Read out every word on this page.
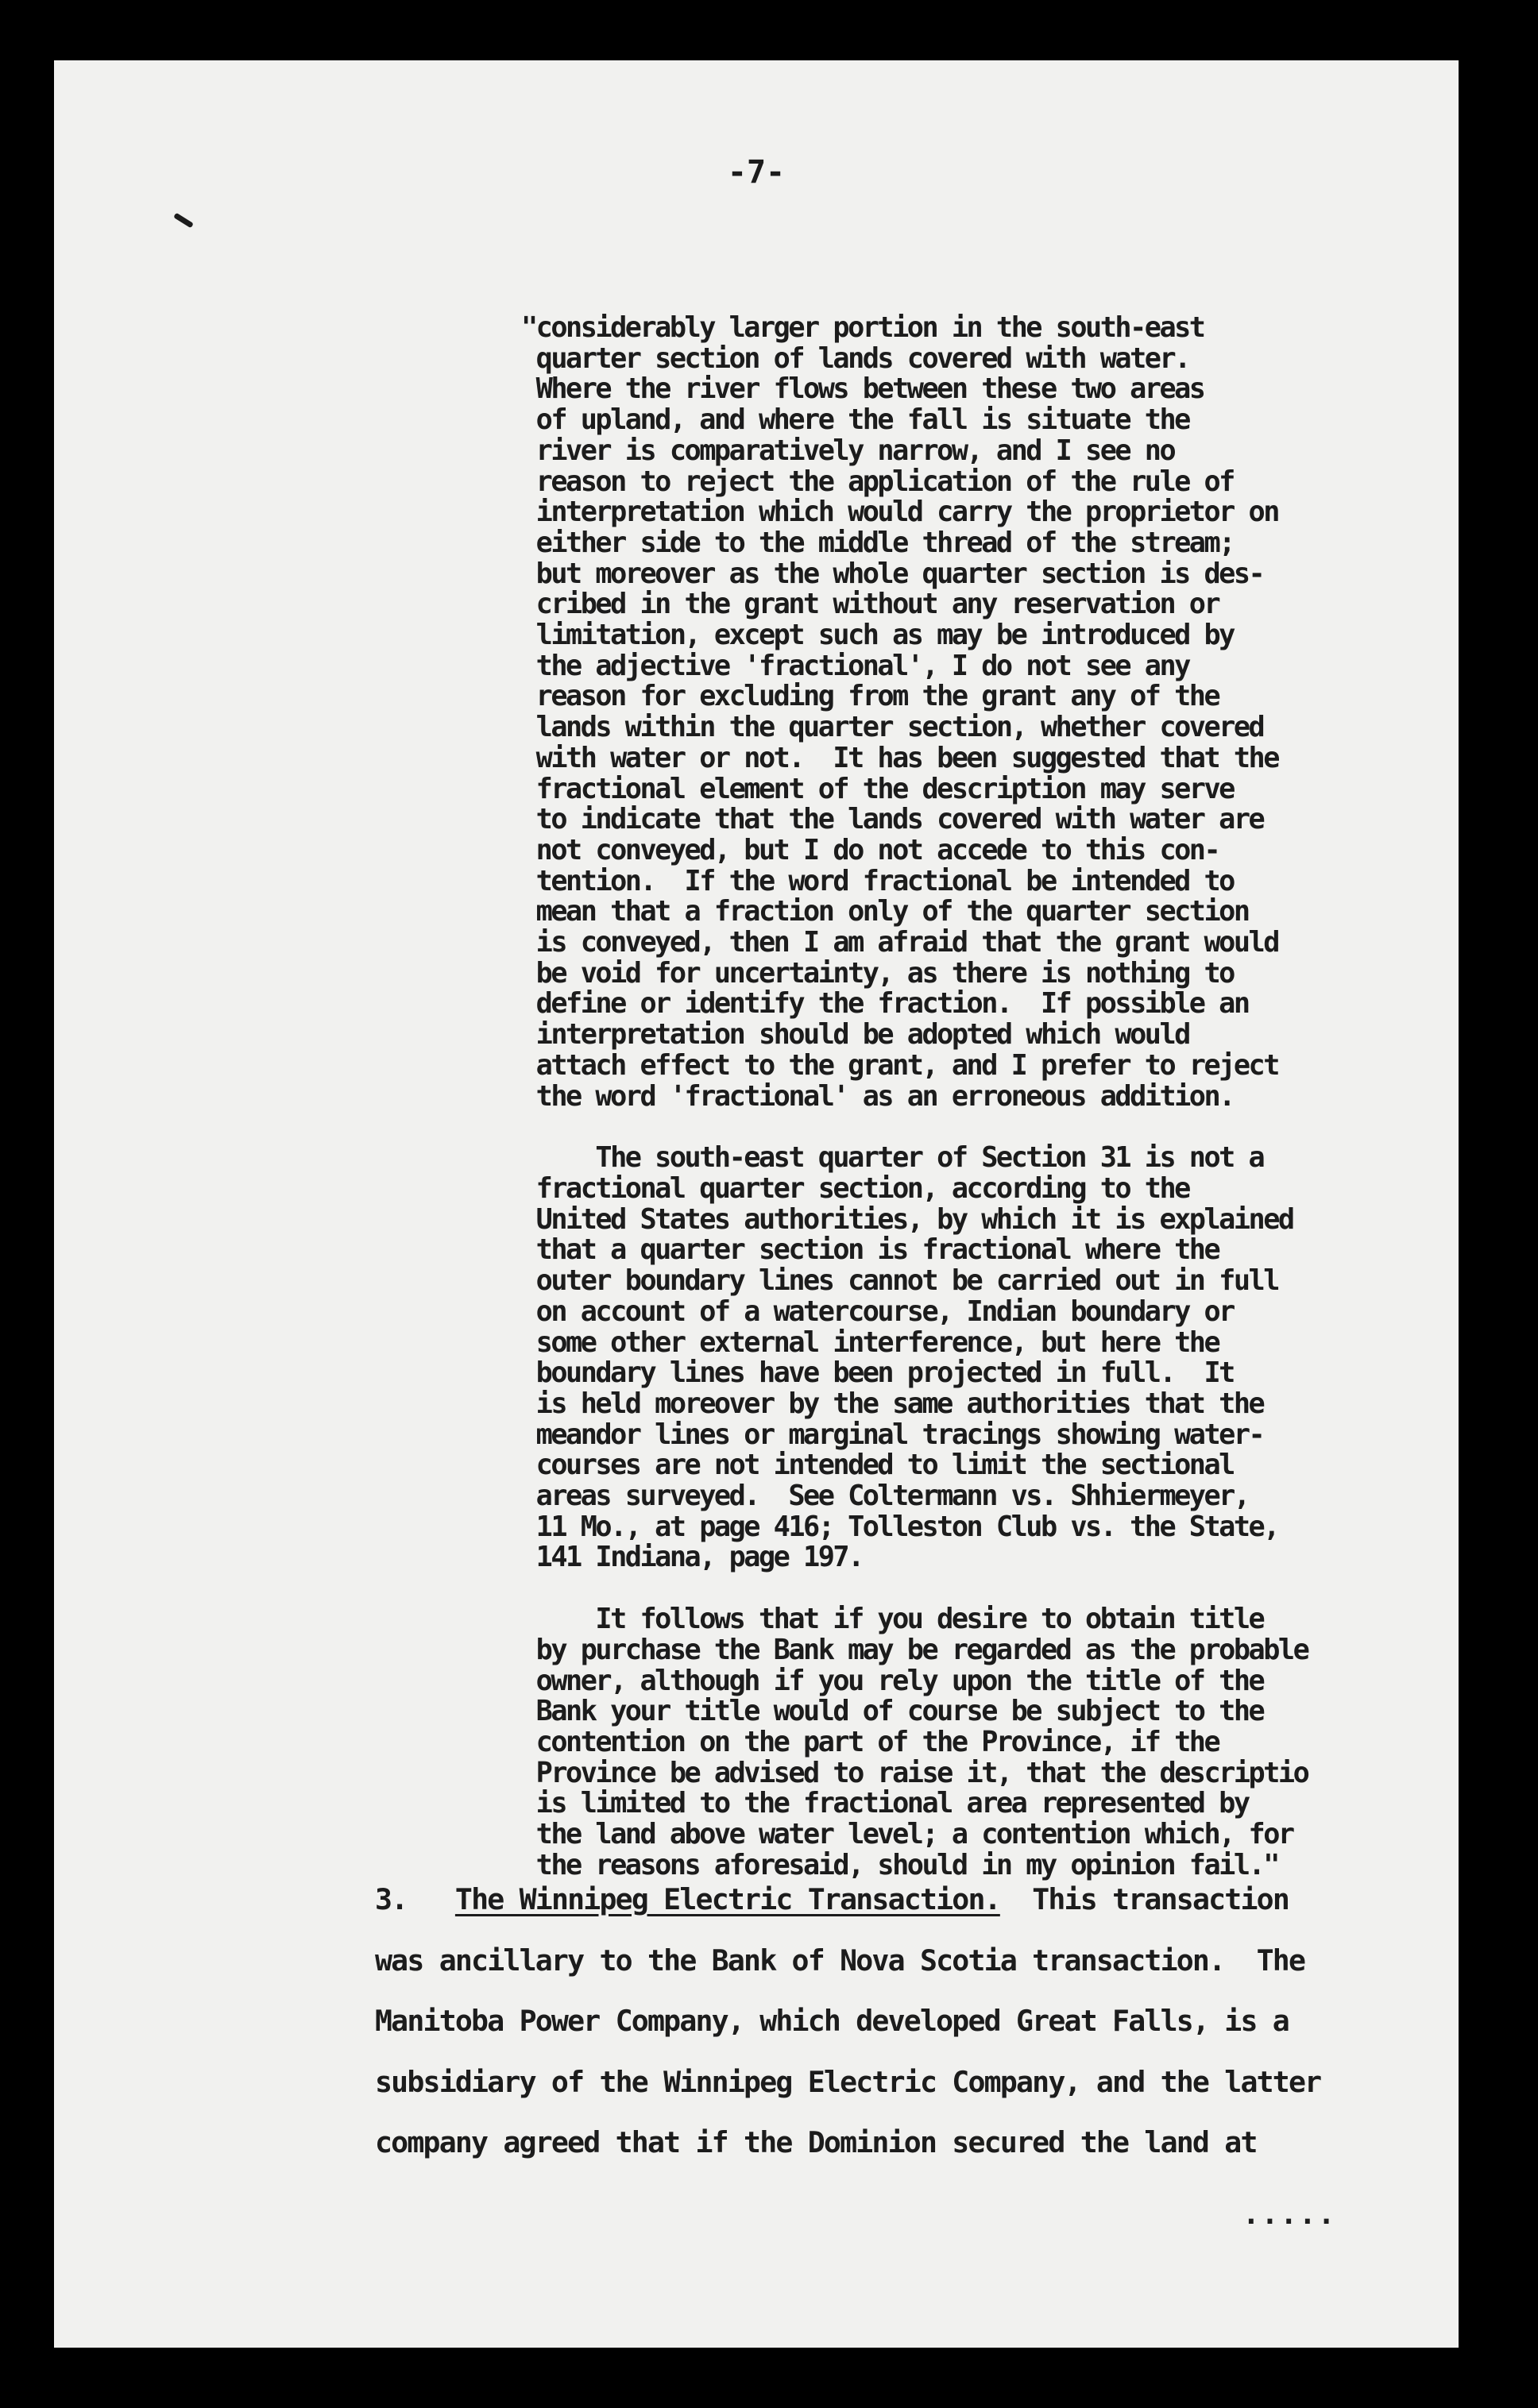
-7-

"considerably larger portion in the south-east
quarter section of lands covered with water.
Where the river flows between these two areas
of upland, and where the fall is situate the
river is comparatively narrow, and I see no
reason to reject the application of the rule of
interpretation which would carry the proprietor on
either side to the middle thread of the stream;
but moreover as the whole quarter section is des-
cribed in the grant without any reservation or
limitation, except such as may be introduced by
the adjective 'fractional', I do not see any
reason for excluding from the grant any of the
lands within the quarter section, whether covered
with water or not.  It has been suggested that the
fractional element of the description may serve
to indicate that the lands covered with water are
not conveyed, but I do not accede to this con-
tention.  If the word fractional be intended to
mean that a fraction only of the quarter section
is conveyed, then I am afraid that the grant would
be void for uncertainty, as there is nothing to
define or identify the fraction.  If possible an
interpretation should be adopted which would
attach effect to the grant, and I prefer to reject
the word 'fractional' as an erroneous addition.

The south-east quarter of Section 31 is not a
fractional quarter section, according to the
United States authorities, by which it is explained
that a quarter section is fractional where the
outer boundary lines cannot be carried out in full
on account of a watercourse, Indian boundary or
some other external interference, but here the
boundary lines have been projected in full.  It
is held moreover by the same authorities that the
meandor lines or marginal tracings showing water-
courses are not intended to limit the sectional
areas surveyed.  See Coltermann vs. Shhiermeyer,
11 Mo., at page 416; Tolleston Club vs. the State,
141 Indiana, page 197.

It follows that if you desire to obtain title
by purchase the Bank may be regarded as the probable
owner, although if you rely upon the title of the
Bank your title would of course be subject to the
contention on the part of the Province, if the
Province be advised to raise it, that the descriptio
is limited to the fractional area represented by
the land above water level; a contention which, for
the reasons aforesaid, should in my opinion fail."

3. The Winnipeg Electric Transaction.  This transaction

was ancillary to the Bank of Nova Scotia transaction.  The

Manitoba Power Company, which developed Great Falls, is a

subsidiary of the Winnipeg Electric Company, and the latter

company agreed that if the Dominion secured the land at

.....
